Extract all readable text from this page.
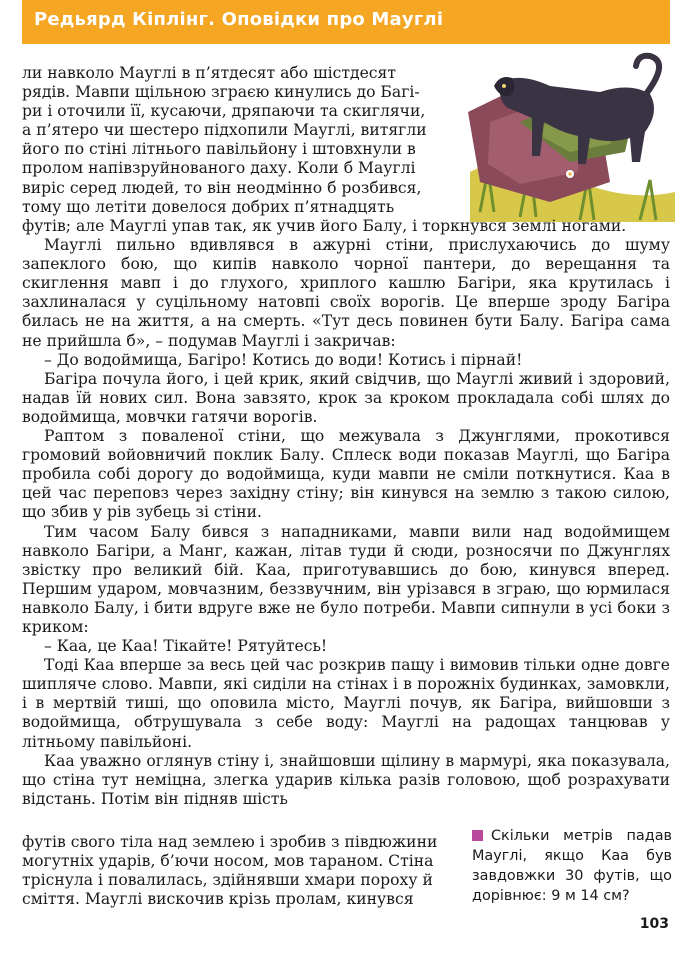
Редьярд Кіплінг. Оповідки про Мауглі

ли навколо Мауглі в п’ятдесят або шістдесят

рядів. Мавпи щільною зграєю кинулись до Багі-

ри і оточили її, кусаючи, дряпаючи та скиглячи,

а п’ятеро чи шестеро підхопили Мауглі, витягли

його по стіні літнього павільйону і штовхнули в

пролом напівзруйнованого даху. Коли б Мауглі

виріс серед людей, то він неодмінно б розбився,

тому що летіти довелося добрих п’ятнадцять

футів; але Мауглі упав так, як учив його Балу, і торкнувся землі ногами.

Мауглі пильно вдивлявся в ажурні стіни, прислухаючись до шуму запеклого бою, що кипів навколо чорної пантери, до верещання та скиглення мавп і до глухого, хриплого кашлю Багіри, яка крутилась і захлиналася у суцільному натовпі своїх ворогів. Це вперше зроду Багіра билась не на життя, а на смерть. «Тут десь повинен бути Балу. Багіра сама не прийшла б», – подумав Мауглі і закричав:

– До водоймища, Багіро! Котись до води! Котись і пірнай!

Багіра почула його, і цей крик, який свідчив, що Мауглі живий і здоровий, надав їй нових сил. Вона завзято, крок за кроком прокладала собі шлях до водоймища, мовчки гатячи ворогів.

Раптом з поваленої стіни, що межувала з Джунглями, прокотився громовий войовничий поклик Балу. Сплеск води показав Мауглі, що Багіра пробила собі дорогу до водоймища, куди мавпи не сміли поткнутися. Каа в цей час переповз через західну стіну; він кинувся на землю з такою силою, що збив у рів зубець зі стіни.

Тим часом Балу бився з нападниками, мавпи вили над водоймищем навколо Багіри, а Манг, кажан, літав туди й сюди, розносячи по Джунглях звістку про великий бій. Каа, приготувавшись до бою, кинувся вперед. Першим ударом, мовчазним, беззвучним, він урізався в зграю, що юрмилася навколо Балу, і бити вдруге вже не було потреби. Мавпи сипнули в усі боки з криком:

– Каа, це Каа! Тікайте! Рятуйтесь!

Тоді Каа вперше за весь цей час розкрив пащу і вимовив тільки одне довге шипляче слово. Мавпи, які сиділи на стінах і в порожніх будинках, замовкли, і в мертвій тиші, що оповила місто, Мауглі почув, як Багіра, вийшовши з водоймища, обтрушувала з себе воду: Мауглі на радощах танцював у літньому павільйоні.

Каа уважно оглянув стіну і, знайшовши щілину в мармурі, яка показувала, що стіна тут неміцна, злегка ударив кілька разів головою, щоб розрахувати відстань. Потім він підняв шість

футів свого тіла над землею і зробив з півдюжини

могутніх ударів, б’ючи носом, мов тараном. Стіна

тріснула і повалилась, здійнявши хмари пороху й

сміття. Мауглі вискочив крізь пролам, кинувся

Скільки метрів падав Мауглі, якщо Каа був завдовжки 30 футів, що дорівнює: 9 м 14 см?

103
